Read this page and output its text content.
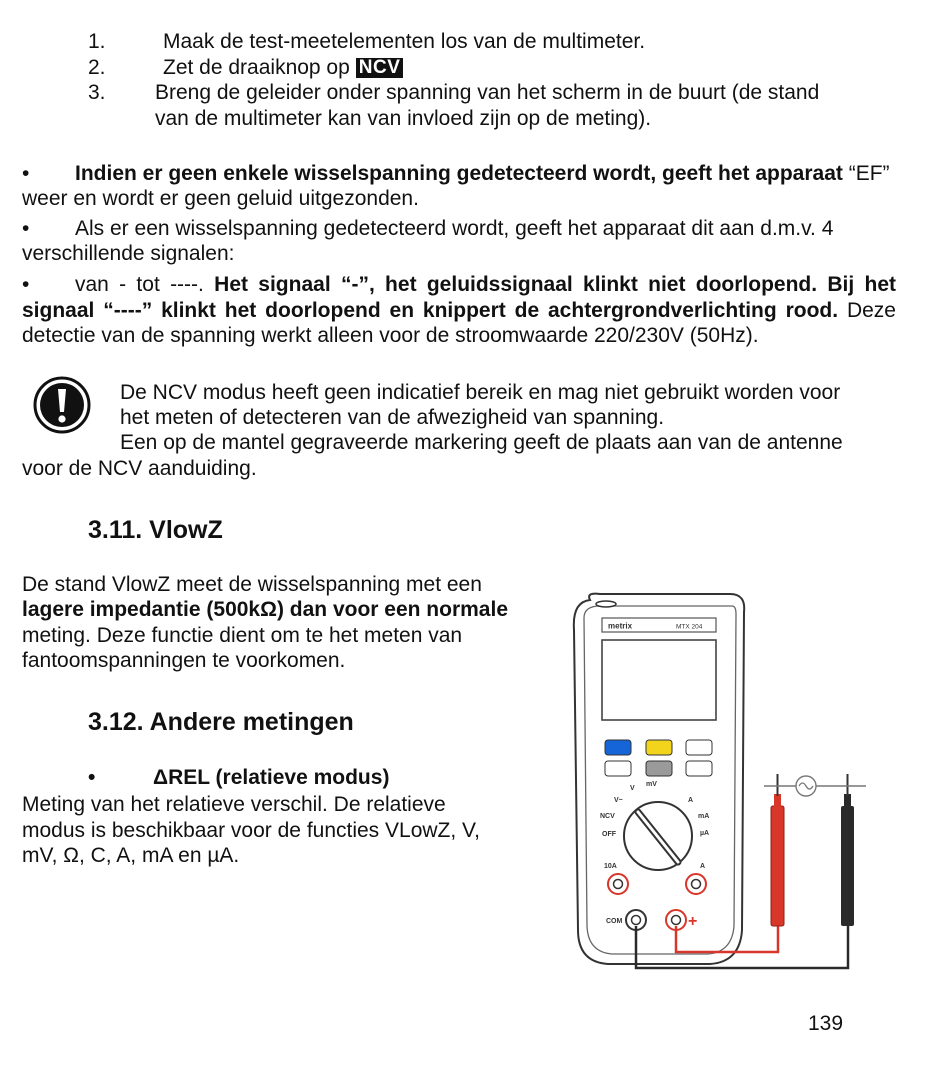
1.	Maak de test-meetelementen los van de multimeter.
2.	Zet de draaiknop op NCV
3. Breng de geleider onder spanning van het scherm in de buurt (de stand
van de multimeter kan van invloed zijn op de meting).
• Indien er geen enkele wisselspanning gedetecteerd wordt, geeft het apparaat “EF”
weer en wordt er geen geluid uitgezonden.
• Als er een wisselspanning gedetecteerd wordt, geeft het apparaat dit aan d.m.v. 4
verschillende signalen:
• van - tot ----. Het signaal “-”, het geluidssignaal klinkt niet doorlopend. Bij het
signaal “----” klinkt het doorlopend en knippert de achtergrondverlichting rood. Deze
detectie van de spanning werkt alleen voor de stroomwaarde 220/230V (50Hz).
De NCV modus heeft geen indicatief bereik en mag niet gebruikt worden voor
het meten of detecteren van de afwezigheid van spanning.
Een op de mantel gegraveerde markering geeft de plaats aan van de antenne
voor de NCV aanduiding.
3.11. VlowZ
De stand VlowZ meet de wisselspanning met een
lagere impedantie (500kΩ) dan voor een normale
meting. Deze functie dient om te het meten van
fantoomspanningen te voorkomen.
3.12. Andere metingen
•	ΔREL (relatieve modus)
Meting van het relatieve verschil. De relatieve
modus is beschikbaar voor de functies VLowZ, V,
mV, Ω, C, A, mA en µA.
metrix	MTX 204
V~
V
mV
A
mA
µA
NCV
OFF
10A	A
COM	+
139
